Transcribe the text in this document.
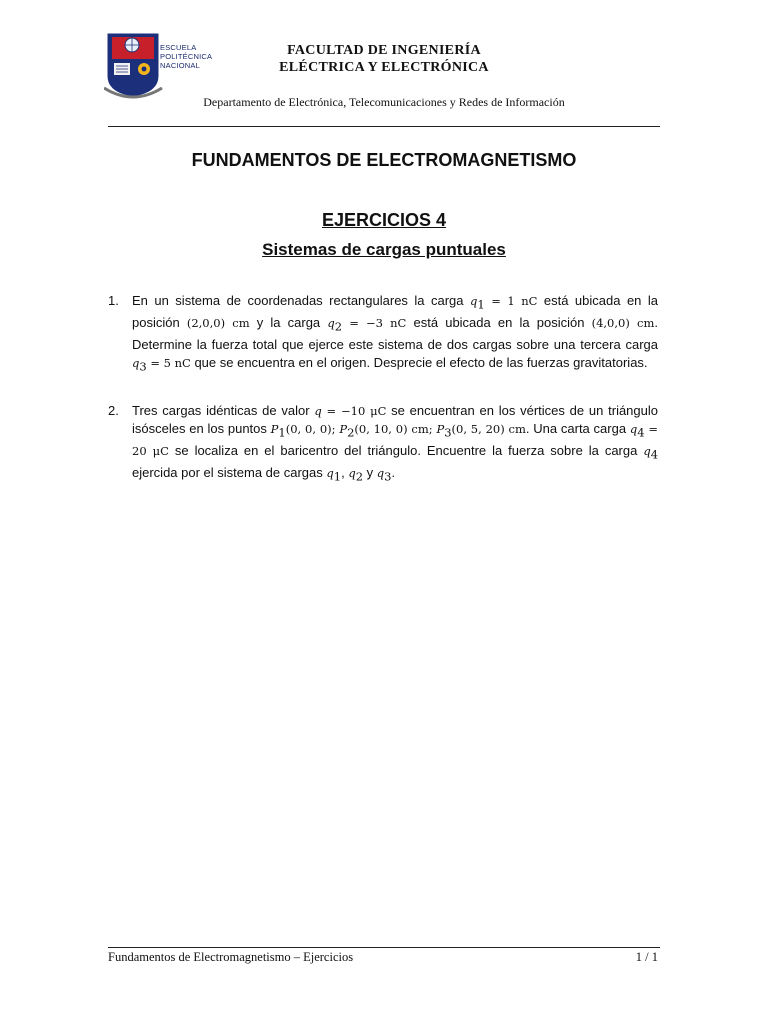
ESCUELA
POLITÉCNICA
NACIONAL
FACULTAD DE INGENIERÍA
ELÉCTRICA Y ELECTRÓNICA
Departamento de Electrónica, Telecomunicaciones y Redes de Información
FUNDAMENTOS DE ELECTROMAGNETISMO
EJERCICIOS 4
Sistemas de cargas puntuales
1.	En un sistema de coordenadas rectangulares la carga $q_1 = 1$ nC está ubicada en la posición (2,0,0) cm y la carga $q_2 = -3$ nC está ubicada en la posición (4,0,0) cm. Determine la fuerza total que ejerce este sistema de dos cargas sobre una tercera carga $q_3 = 5$ nC que se encuentra en el origen. Desprecie el efecto de las fuerzas gravitatorias.
2.	Tres cargas idénticas de valor q = −10 μC se encuentran en los vértices de un triángulo isósceles en los puntos $P_1(0$, 0, 0); $P_2(0$, 10, 0) cm; $P_3(0$, 5, 20) cm. Una carta carga $q_4 = 20$ μC se localiza en el baricentro del triángulo. Encuentre la fuerza sobre la carga $q_4$ ejercida por el sistema de cargas $q_1$, $q_2$ y $q_3$.
Fundamentos de Electromagnetismo – Ejercicios	1 / 1
